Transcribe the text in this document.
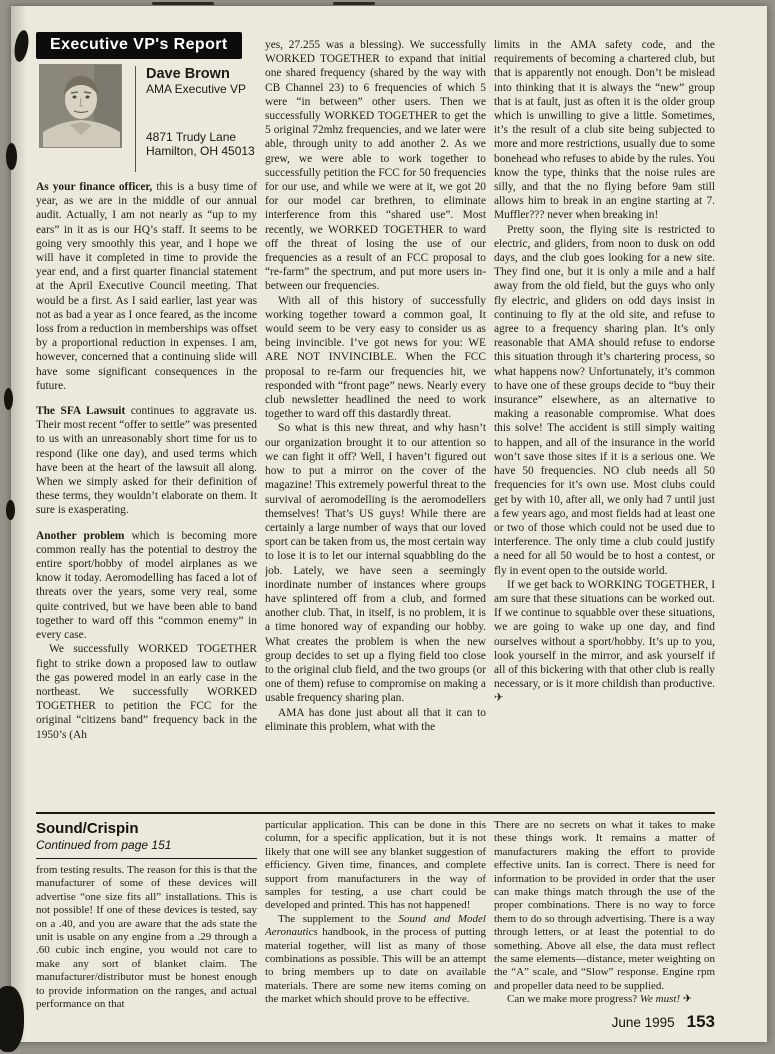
Executive VP's Report
Dave Brown
AMA Executive VP
4871 Trudy Lane
Hamilton, OH 45013

As your finance officer, this is a busy time of year, as we are in the middle of our annual audit. Actually, I am not nearly as “up to my ears” in it as is our HQ’s staff. It seems to be going very smoothly this year, and I hope we will have it completed in time to provide the year end, and a first quarter financial statement at the April Executive Council meeting. That would be a first. As I said earlier, last year was not as bad a year as I once feared, as the income loss from a reduction in memberships was offset by a proportional reduction in expenses. I am, however, concerned that a continuing slide will have some significant consequences in the future.

The SFA Lawsuit continues to aggravate us. Their most recent “offer to settle” was presented to us with an unreasonably short time for us to respond (like one day), and used terms which have been at the heart of the lawsuit all along. When we simply asked for their definition of these terms, they wouldn’t elaborate on them. It sure is exasperating.

Another problem which is becoming more common really has the potential to destroy the entire sport/hobby of model airplanes as we know it today. Aeromodelling has faced a lot of threats over the years, some very real, some quite contrived, but we have been able to band together to ward off this “common enemy” in every case.

We successfully WORKED TOGETHER fight to strike down a proposed law to outlaw the gas powered model in an early case in the northeast. We successfully WORKED TOGETHER to petition the FCC for the original “citizens band” frequency back in the 1950’s (Ah

yes, 27.255 was a blessing). We successfully WORKED TOGETHER to expand that initial one shared frequency (shared by the way with CB Channel 23) to 6 frequencies of which 5 were “in between” other users. Then we successfully WORKED TOGETHER to get the 5 original 72mhz frequencies, and we later were able, through unity to add another 2. As we grew, we were able to work together to successfully petition the FCC for 50 frequencies for our use, and while we were at it, we got 20 for our model car brethren, to eliminate interference from this “shared use”. Most recently, we WORKED TOGETHER to ward off the threat of losing the use of our frequencies as a result of an FCC proposal to “re-farm” the spectrum, and put more users in-between our frequencies.

With all of this history of successfully working together toward a common goal, It would seem to be very easy to consider us as being invincible. I’ve got news for you: WE ARE NOT INVINCIBLE. When the FCC proposal to re-farm our frequencies hit, we responded with “front page” news. Nearly every club newsletter headlined the need to work together to ward off this dastardly threat.

So what is this new threat, and why hasn’t our organization brought it to our attention so we can fight it off? Well, I haven’t figured out how to put a mirror on the cover of the magazine! This extremely powerful threat to the survival of aeromodelling is the aeromodellers themselves! That’s US guys! While there are certainly a large number of ways that our loved sport can be taken from us, the most certain way to lose it is to let our internal squabbling do the job. Lately, we have seen a seemingly inordinate number of instances where groups have splintered off from a club, and formed another club. That, in itself, is no problem, it is a time honored way of expanding our hobby. What creates the problem is when the new group decides to set up a flying field too close to the original club field, and the two groups (or one of them) refuse to compromise on making a usable frequency sharing plan.

AMA has done just about all that it can to eliminate this problem, what with the

limits in the AMA safety code, and the requirements of becoming a chartered club, but that is apparently not enough. Don’t be mislead into thinking that it is always the “new” group that is at fault, just as often it is the older group which is unwilling to give a little. Sometimes, it’s the result of a club site being subjected to more and more restrictions, usually due to some bonehead who refuses to abide by the rules. You know the type, thinks that the noise rules are silly, and that the no flying before 9am still allows him to break in an engine starting at 7. Muffler??? never when breaking in!

Pretty soon, the flying site is restricted to electric, and gliders, from noon to dusk on odd days, and the club goes looking for a new site. They find one, but it is only a mile and a half away from the old field, but the guys who only fly electric, and gliders on odd days insist in continuing to fly at the old site, and refuse to agree to a frequency sharing plan. It’s only reasonable that AMA should refuse to endorse this situation through it’s chartering process, so what happens now? Unfortunately, it’s common to have one of these groups decide to “buy their insurance” elsewhere, as an alternative to making a reasonable compromise. What does this solve! The accident is still simply waiting to happen, and all of the insurance in the world won’t save those sites if it is a serious one. We have 50 frequencies. NO club needs all 50 frequencies for it’s own use. Most clubs could get by with 10, after all, we only had 7 until just a few years ago, and most fields had at least one or two of those which could not be used due to interference. The only time a club could justify a need for all 50 would be to host a contest, or fly in event open to the outside world.

If we get back to WORKING TOGETHER, I am sure that these situations can be worked out. If we continue to squabble over these situations, we are going to wake up one day, and find ourselves without a sport/hobby. It’s up to you, look yourself in the mirror, and ask yourself if all of this bickering with that other club is really necessary, or is it more childish than productive. ✈

Sound/Crispin
Continued from page 151

from testing results. The reason for this is that the manufacturer of some of these devices will advertise “one size fits all” installations. This is not possible! If one of these devices is tested, say on a .40, and you are aware that the ads state the unit is usable on any engine from a .29 through a .60 cubic inch engine, you would not care to make any sort of blanket claim. The manufacturer/distributor must be honest enough to provide information on the ranges, and actual performance on that

particular application. This can be done in this column, for a specific application, but it is not likely that one will see any blanket suggestion of efficiency. Given time, finances, and complete support from manufacturers in the way of samples for testing, a use chart could be developed and printed. This has not happened!

The supplement to the Sound and Model Aeronautics handbook, in the process of putting material together, will list as many of those combinations as possible. This will be an attempt to bring members up to date on available materials. There are some new items coming on the market which should prove to be effective.

There are no secrets on what it takes to make these things work. It remains a matter of manufacturers making the effort to provide effective units. Ian is correct. There is need for information to be provided in order that the user can make things match through the use of the proper combinations. There is no way to force them to do so through advertising. There is a way through letters, or at least the potential to do something. Above all else, the data must reflect the same elements—distance, meter weighting on the “A” scale, and “Slow” response. Engine rpm and propeller data need to be supplied.

Can we make more progress? We must! ✈

June 1995 153
